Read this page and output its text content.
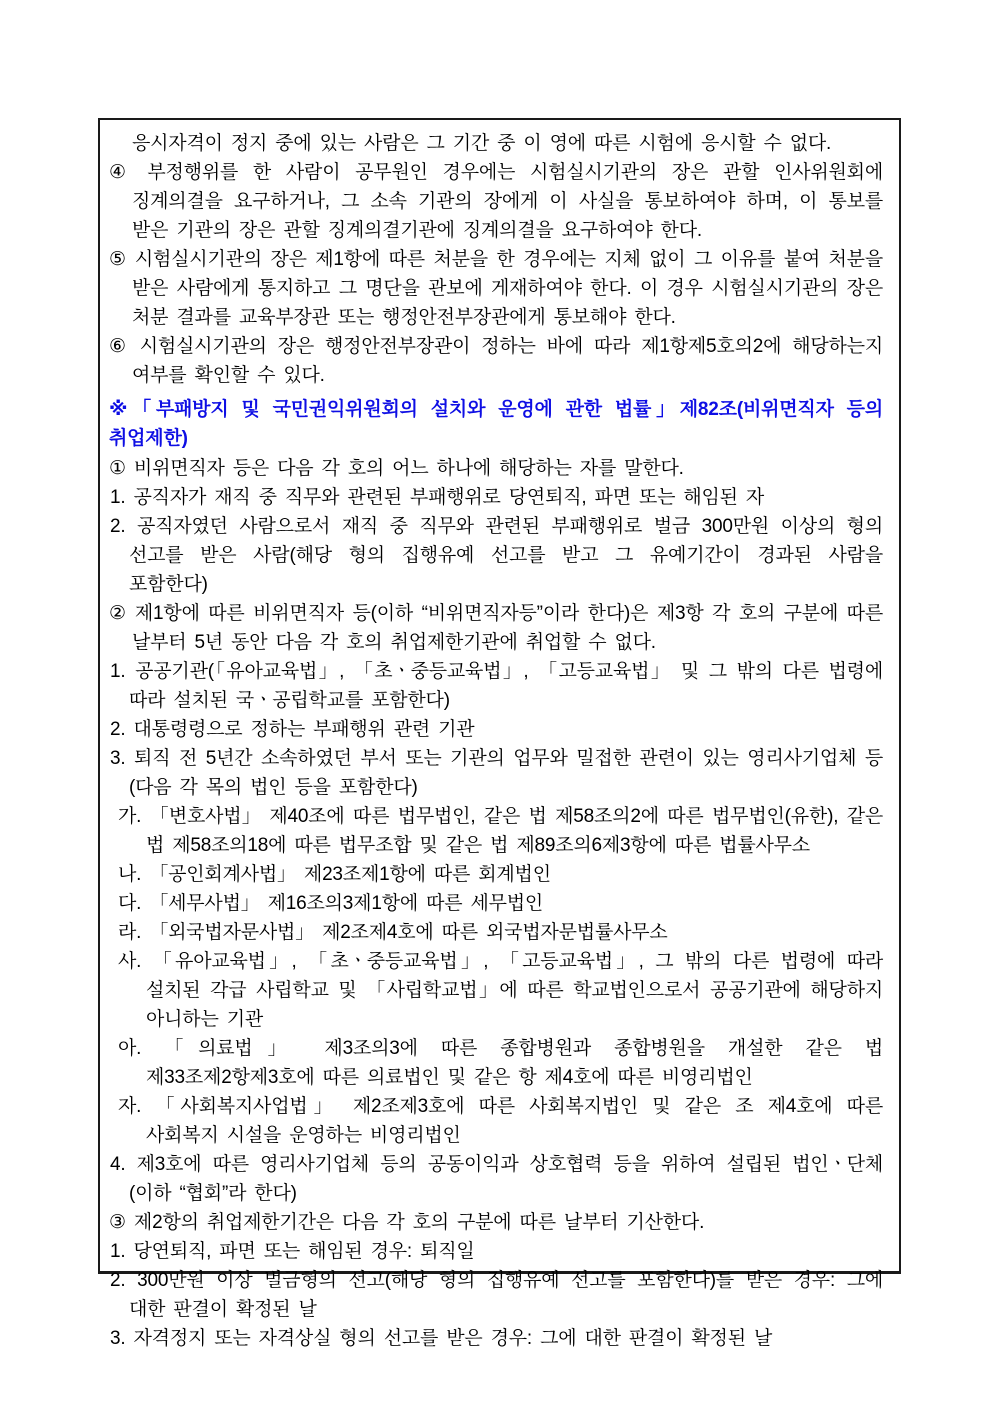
응시자격이 정지 중에 있는 사람은 그 기간 중 이 영에 따른 시험에 응시할 수 없다.

④ 부정행위를 한 사람이 공무원인 경우에는 시험실시기관의 장은 관할 인사위원회에 징계의결을 요구하거나, 그 소속 기관의 장에게 이 사실을 통보하여야 하며, 이 통보를 받은 기관의 장은 관할 징계의결기관에 징계의결을 요구하여야 한다.

⑤ 시험실시기관의 장은 제1항에 따른 처분을 한 경우에는 지체 없이 그 이유를 붙여 처분을 받은 사람에게 통지하고 그 명단을 관보에 게재하여야 한다. 이 경우 시험실시기관의 장은 처분 결과를 교육부장관 또는 행정안전부장관에게 통보해야 한다.

⑥ 시험실시기관의 장은 행정안전부장관이 정하는 바에 따라 제1항제5호의2에 해당하는지 여부를 확인할 수 있다.

※「부패방지 및 국민권익위원회의 설치와 운영에 관한 법률」제82조(비위면직자 등의 취업제한)

① 비위면직자 등은 다음 각 호의 어느 하나에 해당하는 자를 말한다.

1. 공직자가 재직 중 직무와 관련된 부패행위로 당연퇴직, 파면 또는 해임된 자

2. 공직자였던 사람으로서 재직 중 직무와 관련된 부패행위로 벌금 300만원 이상의 형의 선고를 받은 사람(해당 형의 집행유예 선고를 받고 그 유예기간이 경과된 사람을 포함한다)

② 제1항에 따른 비위면직자 등(이하 “비위면직자등”이라 한다)은 제3항 각 호의 구분에 따른 날부터 5년 동안 다음 각 호의 취업제한기관에 취업할 수 없다.

1. 공공기관(「유아교육법」, 「초ㆍ중등교육법」, 「고등교육법」 및 그 밖의 다른 법령에 따라 설치된 국ㆍ공립학교를 포함한다)

2. 대통령령으로 정하는 부패행위 관련 기관

3. 퇴직 전 5년간 소속하였던 부서 또는 기관의 업무와 밀접한 관련이 있는 영리사기업체 등 (다음 각 목의 법인 등을 포함한다)

가. 「변호사법」 제40조에 따른 법무법인, 같은 법 제58조의2에 따른 법무법인(유한), 같은 법 제58조의18에 따른 법무조합 및 같은 법 제89조의6제3항에 따른 법률사무소

나. 「공인회계사법」 제23조제1항에 따른 회계법인

다. 「세무사법」 제16조의3제1항에 따른 세무법인

라. 「외국법자문사법」 제2조제4호에 따른 외국법자문법률사무소

사. 「유아교육법」, 「초ㆍ중등교육법」, 「고등교육법」, 그 밖의 다른 법령에 따라 설치된 각급 사립학교 및 「사립학교법」에 따른 학교법인으로서 공공기관에 해당하지 아니하는 기관

아. 「의료법」 제3조의3에 따른 종합병원과 종합병원을 개설한 같은 법 제33조제2항제3호에 따른 의료법인 및 같은 항 제4호에 따른 비영리법인

자. 「사회복지사업법」 제2조제3호에 따른 사회복지법인 및 같은 조 제4호에 따른 사회복지 시설을 운영하는 비영리법인

4. 제3호에 따른 영리사기업체 등의 공동이익과 상호협력 등을 위하여 설립된 법인ㆍ단체(이하 “협회”라 한다)

③ 제2항의 취업제한기간은 다음 각 호의 구분에 따른 날부터 기산한다.

1. 당연퇴직, 파면 또는 해임된 경우: 퇴직일

2. 300만원 이상 벌금형의 선고(해당 형의 집행유예 선고를 포함한다)를 받은 경우: 그에 대한 판결이 확정된 날

3. 자격정지 또는 자격상실 형의 선고를 받은 경우: 그에 대한 판결이 확정된 날
